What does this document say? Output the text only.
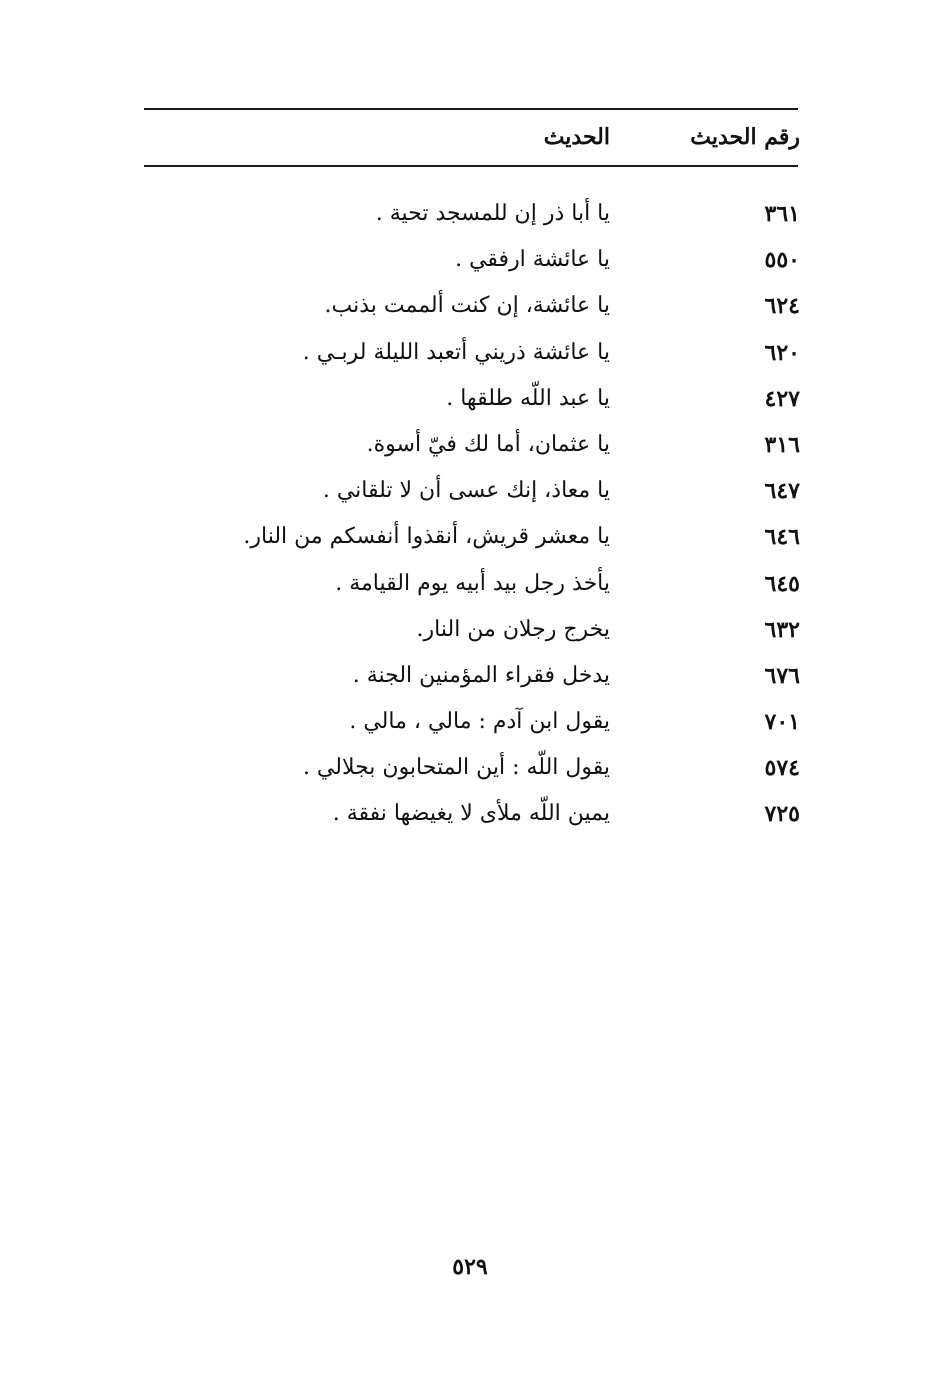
رقم الحديث
الحديث
٣٦١
يا أبا ذر إن للمسجد تحية .
٥٥٠
يا عائشة ارفقي .
٦٢٤
يا عائشة، إن كنت ألممت بذنب.
٦٢٠
يا عائشة ذريني أتعبد الليلة لربـي .
٤٢٧
يا عبد اللّه طلقها .
٣١٦
يا عثمان، أما لك فيّ أسوة.
٦٤٧
يا معاذ، إنك عسى أن لا تلقاني .
٦٤٦
يا معشر قريش، أنقذوا أنفسكم من النار.
٦٤٥
يأخذ رجل بيد أبيه يوم القيامة .
٦٣٢
يخرج رجلان من النار.
٦٧٦
يدخل فقراء المؤمنين الجنة .
٧٠١
يقول ابن آدم : مالي ، مالي .
٥٧٤
يقول اللّه : أين المتحابون بجلالي .
٧٢٥
يمين اللّه ملأى لا يغيضها نفقة .
٥٢٩
